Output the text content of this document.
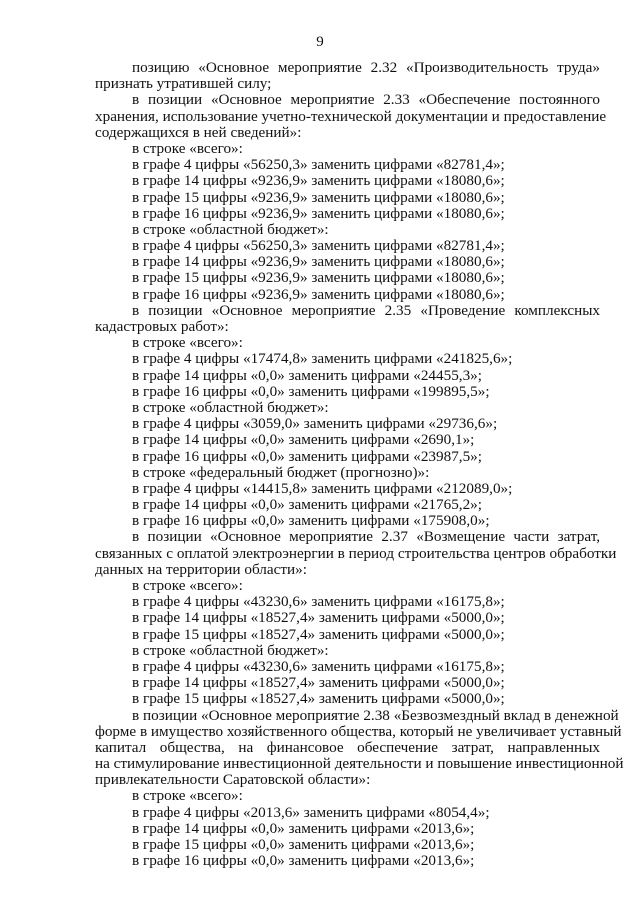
9
позицию «Основное мероприятие 2.32 «Производительность труда»
признать утратившей силу;
в позиции «Основное мероприятие 2.33 «Обеспечение постоянного
хранения, использование учетно-технической документации и предоставление
содержащихся в ней сведений»:
в строке «всего»:
в графе 4 цифры «56250,3» заменить цифрами «82781,4»;
в графе 14 цифры «9236,9» заменить цифрами «18080,6»;
в графе 15 цифры «9236,9» заменить цифрами «18080,6»;
в графе 16 цифры «9236,9» заменить цифрами «18080,6»;
в строке «областной бюджет»:
в графе 4 цифры «56250,3» заменить цифрами «82781,4»;
в графе 14 цифры «9236,9» заменить цифрами «18080,6»;
в графе 15 цифры «9236,9» заменить цифрами «18080,6»;
в графе 16 цифры «9236,9» заменить цифрами «18080,6»;
в позиции «Основное мероприятие 2.35 «Проведение комплексных
кадастровых работ»:
в строке «всего»:
в графе 4 цифры «17474,8» заменить цифрами «241825,6»;
в графе 14 цифры «0,0» заменить цифрами «24455,3»;
в графе 16 цифры «0,0» заменить цифрами «199895,5»;
в строке «областной бюджет»:
в графе 4 цифры «3059,0» заменить цифрами «29736,6»;
в графе 14 цифры «0,0» заменить цифрами «2690,1»;
в графе 16 цифры «0,0» заменить цифрами «23987,5»;
в строке «федеральный бюджет (прогнозно)»:
в графе 4 цифры «14415,8» заменить цифрами «212089,0»;
в графе 14 цифры «0,0» заменить цифрами «21765,2»;
в графе 16 цифры «0,0» заменить цифрами «175908,0»;
в позиции «Основное мероприятие 2.37 «Возмещение части затрат,
связанных с оплатой электроэнергии в период строительства центров обработки
данных на территории области»:
в строке «всего»:
в графе 4 цифры «43230,6» заменить цифрами «16175,8»;
в графе 14 цифры «18527,4» заменить цифрами «5000,0»;
в графе 15 цифры «18527,4» заменить цифрами «5000,0»;
в строке «областной бюджет»:
в графе 4 цифры «43230,6» заменить цифрами «16175,8»;
в графе 14 цифры «18527,4» заменить цифрами «5000,0»;
в графе 15 цифры «18527,4» заменить цифрами «5000,0»;
в позиции «Основное мероприятие 2.38 «Безвозмездный вклад в денежной
форме в имущество хозяйственного общества, который не увеличивает уставный
капитал общества, на финансовое обеспечение затрат, направленных
на стимулирование инвестиционной деятельности и повышение инвестиционной
привлекательности Саратовской области»:
в строке «всего»:
в графе 4 цифры «2013,6» заменить цифрами «8054,4»;
в графе 14 цифры «0,0» заменить цифрами «2013,6»;
в графе 15 цифры «0,0» заменить цифрами «2013,6»;
в графе 16 цифры «0,0» заменить цифрами «2013,6»;
